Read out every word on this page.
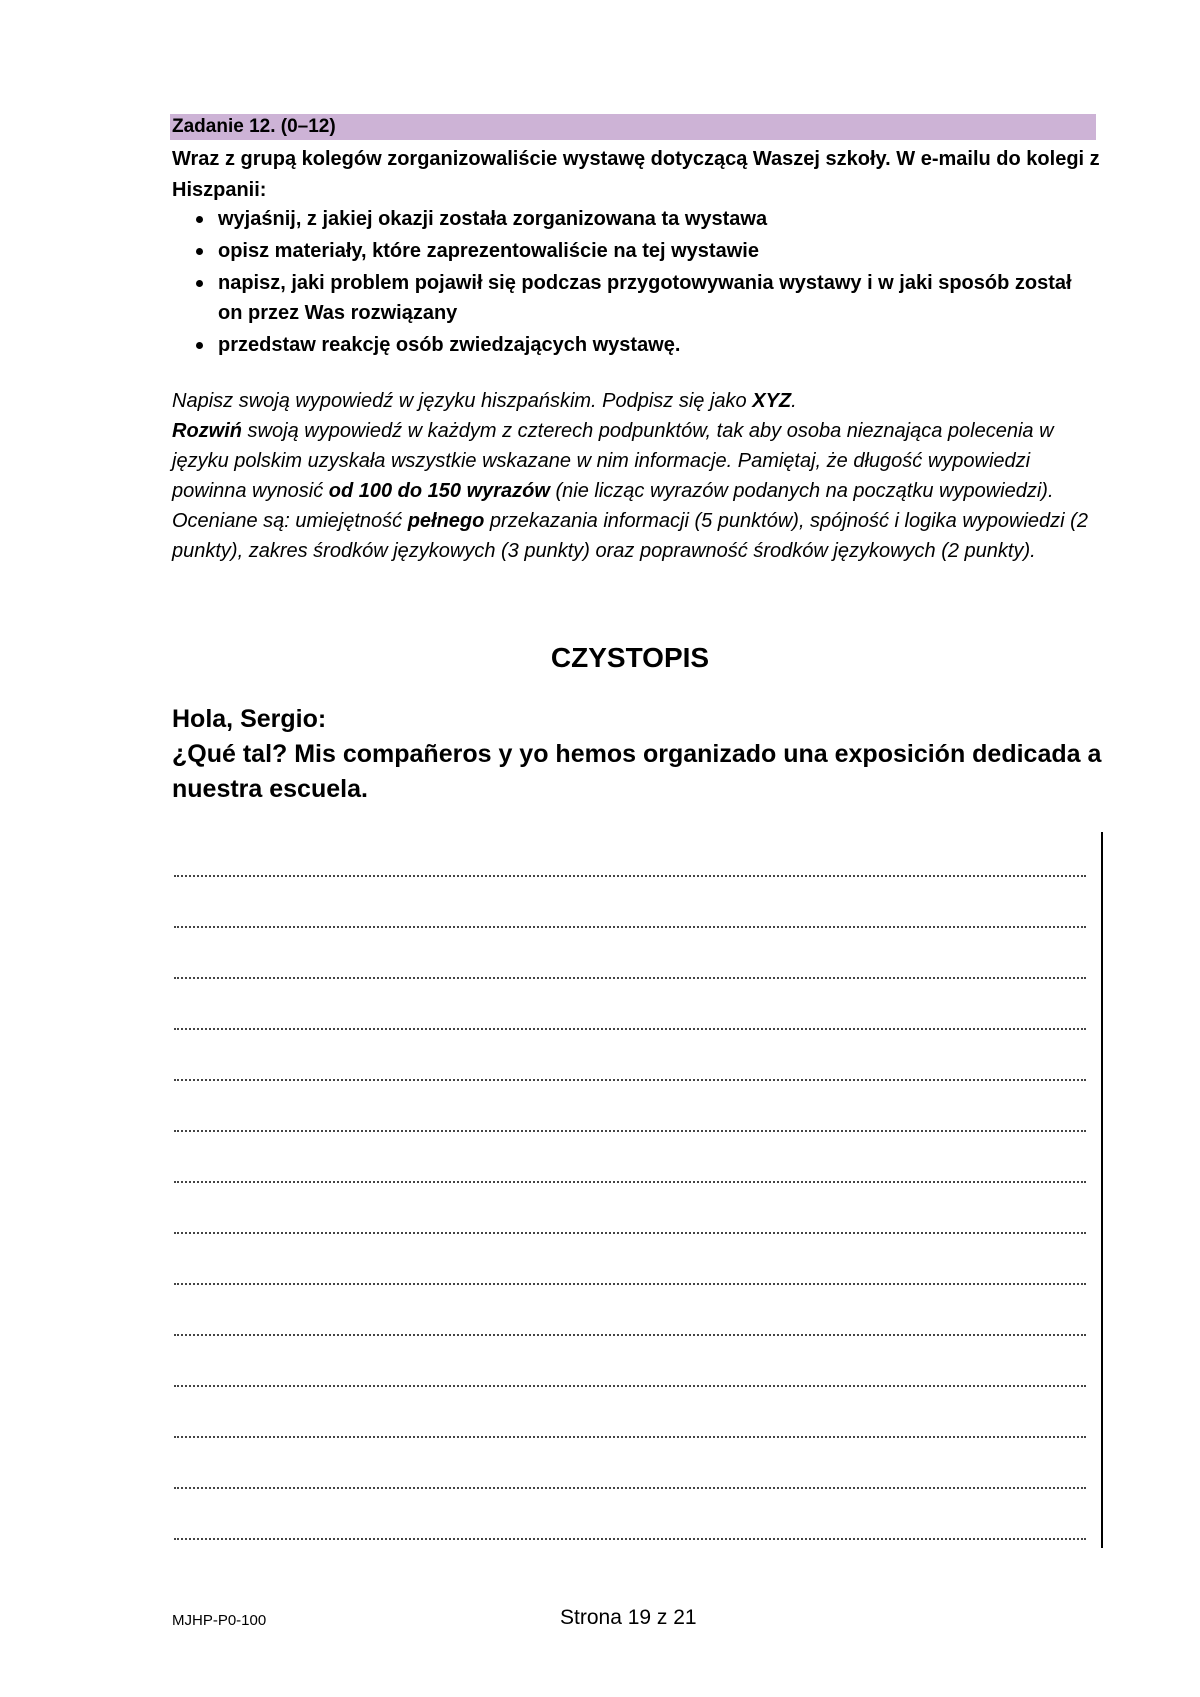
Zadanie 12. (0–12)
Wraz z grupą kolegów zorganizowaliście wystawę dotyczącą Waszej szkoły. W e-mailu do kolegi z Hiszpanii:
wyjaśnij, z jakiej okazji została zorganizowana ta wystawa
opisz materiały, które zaprezentowaliście na tej wystawie
napisz, jaki problem pojawił się podczas przygotowywania wystawy i w jaki sposób został on przez Was rozwiązany
przedstaw reakcję osób zwiedzających wystawę.

Napisz swoją wypowiedź w języku hiszpańskim. Podpisz się jako XYZ.

Rozwiń swoją wypowiedź w każdym z czterech podpunktów, tak aby osoba nieznająca polecenia w języku polskim uzyskała wszystkie wskazane w nim informacje. Pamiętaj, że długość wypowiedzi powinna wynosić od 100 do 150 wyrazów (nie licząc wyrazów podanych na początku wypowiedzi). Oceniane są: umiejętność pełnego przekazania informacji (5 punktów), spójność i logika wypowiedzi (2 punkty), zakres środków językowych (3 punkty) oraz poprawność środków językowych (2 punkty).

CZYSTOPIS

Hola, Sergio:

¿Qué tal? Mis compañeros y yo hemos organizado una exposición dedicada a nuestra escuela.

MJHP-P0-100	Strona 19 z 21
